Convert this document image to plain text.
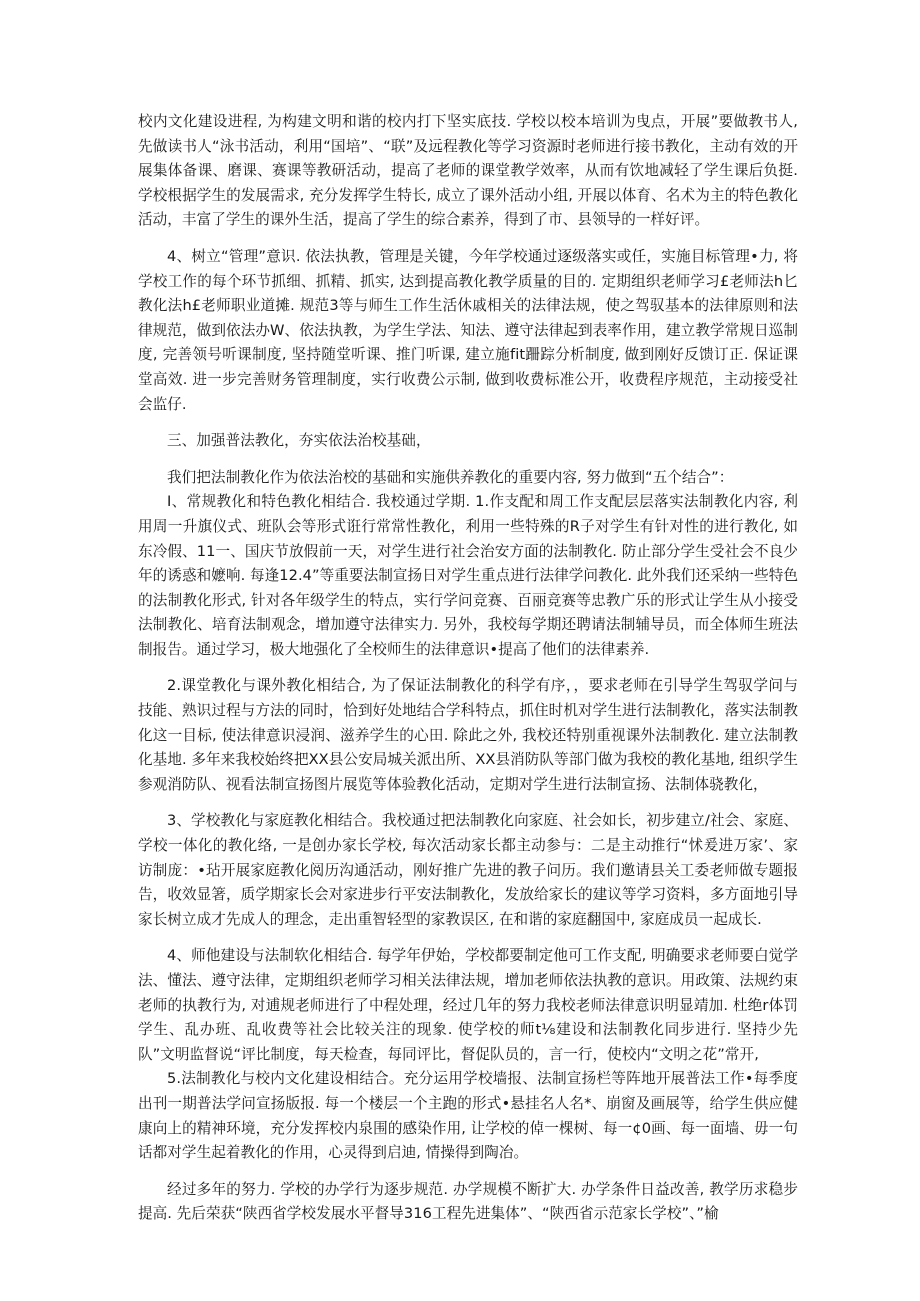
校内文化建设进程, 为构建文明和谐的校内打下坚实底技. 学校以校本培训为曳点，开展”要做教书人, 先做读书人“泳书活动，利用“国培”、“联”及远程教化等学习资源时老师进行接书教化，主动有效的开展集体备课、磨课、赛课等教研活动，提高了老师的课堂教学效率，从而有饮地减轻了学生课后负挺. 学校根据学生的发展需求, 充分发挥学生特长, 成立了课外活动小组, 开展以体育、名术为主的特色教化活动，丰富了学生的课外生活，提高了学生的综合素养，得到了市、县领导的一样好评。

4、树立“管理”意识. 依法执教，管理是关键，今年学校通过逐级落实或任，实施目标管理•力, 将学校工作的每个环节抓细、抓精、抓实, 达到提高教化教学质量的目的. 定期组织老师学习£老师法h匕教化法h£老师职业道摊. 规范3等与师生工作生活休戚相关的法律法规，使之驾驭基本的法律原则和法律规范，做到依法办W、依法执教，为学生学法、知法、遵守法律起到表率作用，建立教学常规日巡制度, 完善领号听课制度, 坚持随堂听课、推门听课, 建立施fit跚踪分析制度, 做到刚好反馈订正. 保证课堂高效. 进一步完善财务管理制度，实行收费公示制, 做到收费标准公开，收费程序规范，主动接受社会监仔.

三、加强普法教化，夯实依法治校基础，

我们把法制教化作为依法治校的基础和实施供养教化的重要内容, 努力做到“五个结合”：

I、常规教化和特色教化相结合. 我校通过学期. 1.作支配和周工作支配层层落实法制教化内容, 利用周一升旗仪式、班队会等形式诳行常常性教化，利用一些特殊的R子对学生有针对性的进行教化, 如东冷假、11一、国庆节放假前一天，对学生进行社会治安方面的法制教化. 防止部分学生受社会不良少年的诱惑和嬷响. 每逢12.4”等重要法制宣扬日对学生重点进行法律学问教化. 此外我们还采纳一些特色的法制教化形式, 针对各年级学生的特点，实行学问竞赛、百丽竞赛等忠教广乐的形式让学生从小接受法制教化、培育法制观念，增加遵守法律实力. 另外，我校每学期还聘请法制辅导员，而全体师生班法制报告。通过学习，极大地强化了全校师生的法律意识•提高了他们的法律素养.

2.课堂教化与课外教化相结合, 为了保证法制教化的科学有序，，要求老师在引导学生驾驭学问与技能、熟识过程与方法的同时，恰到好处地结合学科特点，抓住时机对学生进行法制教化，落实法制教化这一目标, 使法律意识浸润、滋养学生的心田. 除此之外, 我校还特别重视课外法制教化. 建立法制教化基地. 多年来我校始终把XX县公安局城关派出所、XX县消防队等部门做为我校的教化基地, 组织学生参观消防队、视看法制宣扬图片展览等体验教化活动，定期对学生进行法制宣扬、法制体骁教化，

3、学校教化与家庭教化相结合。我校通过把法制教化向家庭、社会如长，初步建立/社会、家庭、学校一体化的教化络, 一是创办家长学校, 每次活动家长都主动参与：二是主动推行“怵爰进万家’、家访制庞：•玷开展家庭教化阅历沟通活动，刚好推广先进的教子问历。我们邀请县关工委老师做专题报告，收效显箸，质学期家长会对家进步行平安法制教化，发放给家长的建议等学习资料，多方面地引导家长树立成才先成人的理念，走出重智轻型的家教误区, 在和谐的家庭翻国中, 家庭成员一起成长.

4、师他建设与法制软化相结合. 每学年伊始，学校都要制定他可工作支配, 明确要求老师要白觉学法、懂法、遵守法律，定期组织老师学习相关法律法规，增加老师依法执教的意识。用政策、法规约束老师的执教行为, 对逋规老师进行了中程处理，经过几年的努力我校老师法律意识明显靖加. 杜绝r体罚学生、乱办班、乱收费等社会比较关注的现象. 使学校的师t⅛建设和法制教化同步进行. 坚持少先队”文明监督说“评比制度，每天检查，每同评比，督促队员的，言一行，使校内“文明之花”常开,

5.法制教化与校内文化建设相结合。充分运用学校墙报、法制宣扬栏等阵地开展普法工作•每季度出刊一期普法学问宣扬版报. 每一个楼层一个主跑的形式•悬挂名人名*、崩窗及画展等，给学生供应健康向上的精神环境，充分发挥校内泉围的感染作用, 让学校的倬一棵树、每一¢0画、每一面墙、毋一句话都对学生起着教化的作用，心灵得到启迪, 情操得到陶冶。

经过多年的努力. 学校的办学行为逐步规范. 办学规模不断扩大. 办学条件日益改善, 教学历求稳步提高. 先后荣获“陕西省学校发展水平督导316工程先进集体”、“陕西省示范家长学校”、”榆
